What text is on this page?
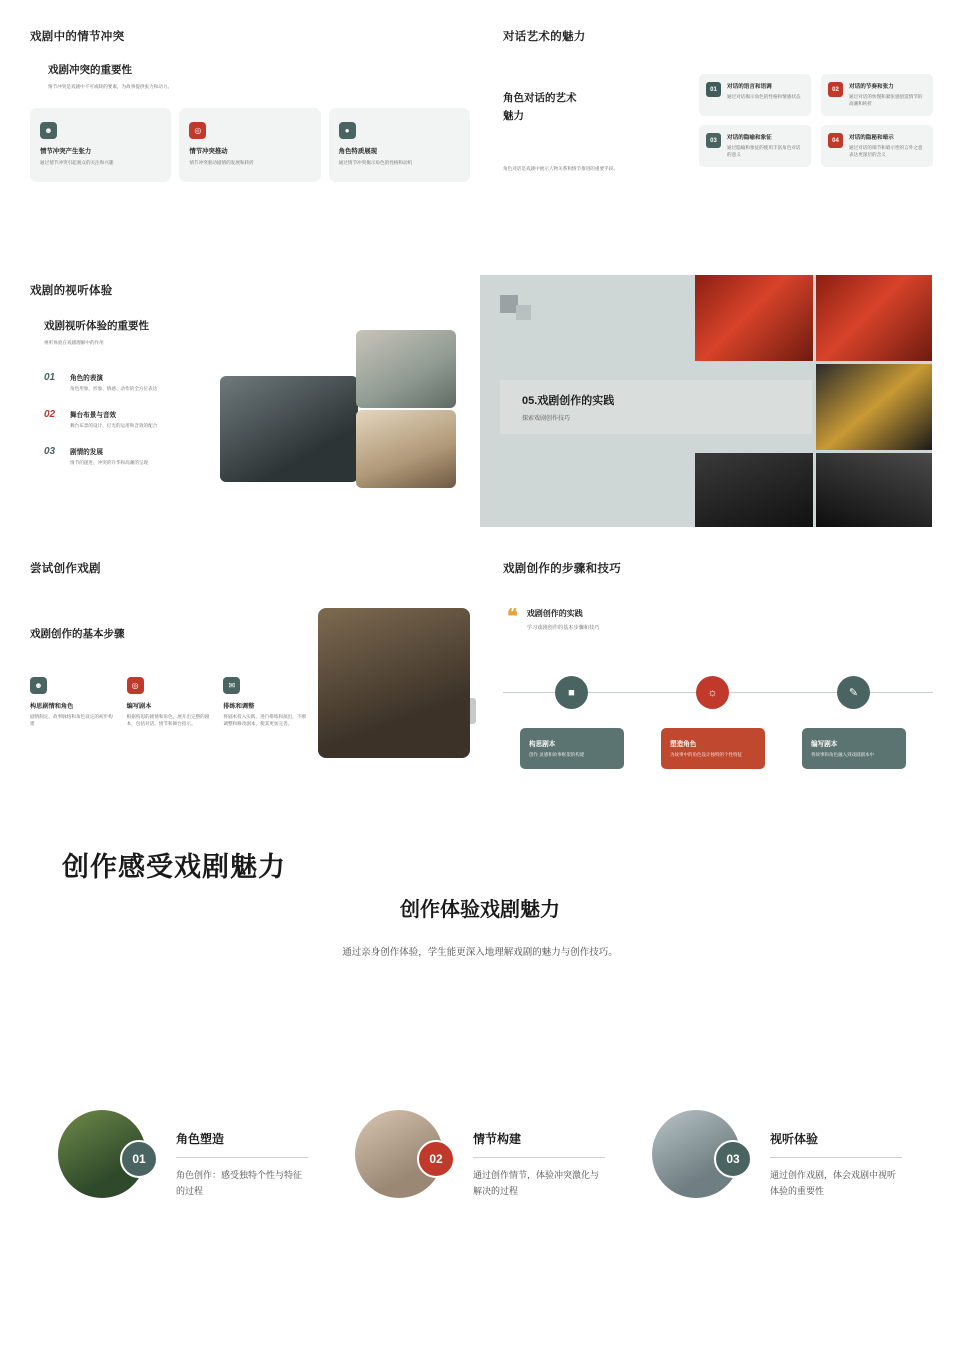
戏剧中的情节冲突
戏剧冲突的重要性
情节冲突是戏剧中不可或缺的要素，为故事提供张力和动力。
☻
情节冲突产生张力
通过情节冲突引起观众的关注和兴趣
◎
情节冲突推动
情节冲突驱动剧情的发展和转折
●
角色特质展现
通过情节冲突揭示角色的性格和动机
对话艺术的魅力
角色对话的艺术
魅力
角色对话是戏剧中展示人物关系和情节推进的重要手段。
01	对话的语言和语调
通过对话揭示角色的性格和情感状态
02	对话的节奏和张力
通过对话的快慢和紧张感创造情节的高潮和转折
03	对话的隐喻和象征
通过隐喻和象征的使用丰富角色对话的意义
04	对话的隐秘和暗示
通过对话的细节和暗示性的言外之意表达更深层的含义
戏剧的视听体验
戏剧视听体验的重要性
视听体验在戏剧理解中的作用
01	角色的表演
角色形象、形象、情感、动作的全方位表达
02	舞台布景与音效
舞台布景的设计、灯光的运用和音效的配合
03	剧情的发展
情节的递进、冲突的升华和高潮的呈现
05.戏剧创作的实践
探索戏剧创作技巧
尝试创作戏剧
戏剧创作的基本步骤
☻
构思剧情和角色
剧情制定、故事脉络和角色设定的初步构建
◎
编写剧本
根据构思的剧情和角色，展开出完整的剧本，包括对话、情节和舞台指示。
✉
排练和调整
将剧本投入实践，进行排练和演出，不断调整和修改剧本，使其更加完善。
戏剧创作的步骤和技巧
❝ 戏剧创作的实践
学习戏剧创作的基本步骤和技巧
■
构思剧本
创作 灵感和故事框架的构建
☼
塑造角色
为故事中的角色设计独特的个性特征
✎
编写剧本
将故事和角色融入到戏剧剧本中
创作感受戏剧魅力
创作体验戏剧魅力

通过亲身创作体验，学生能更深入地理解戏剧的魅力与创作技巧。

01
角色塑造
角色创作：感受独特个性与特征的过程
02
情节构建
通过创作情节，体验冲突激化与解决的过程
03
视听体验
通过创作戏剧，体会戏剧中视听体验的重要性
